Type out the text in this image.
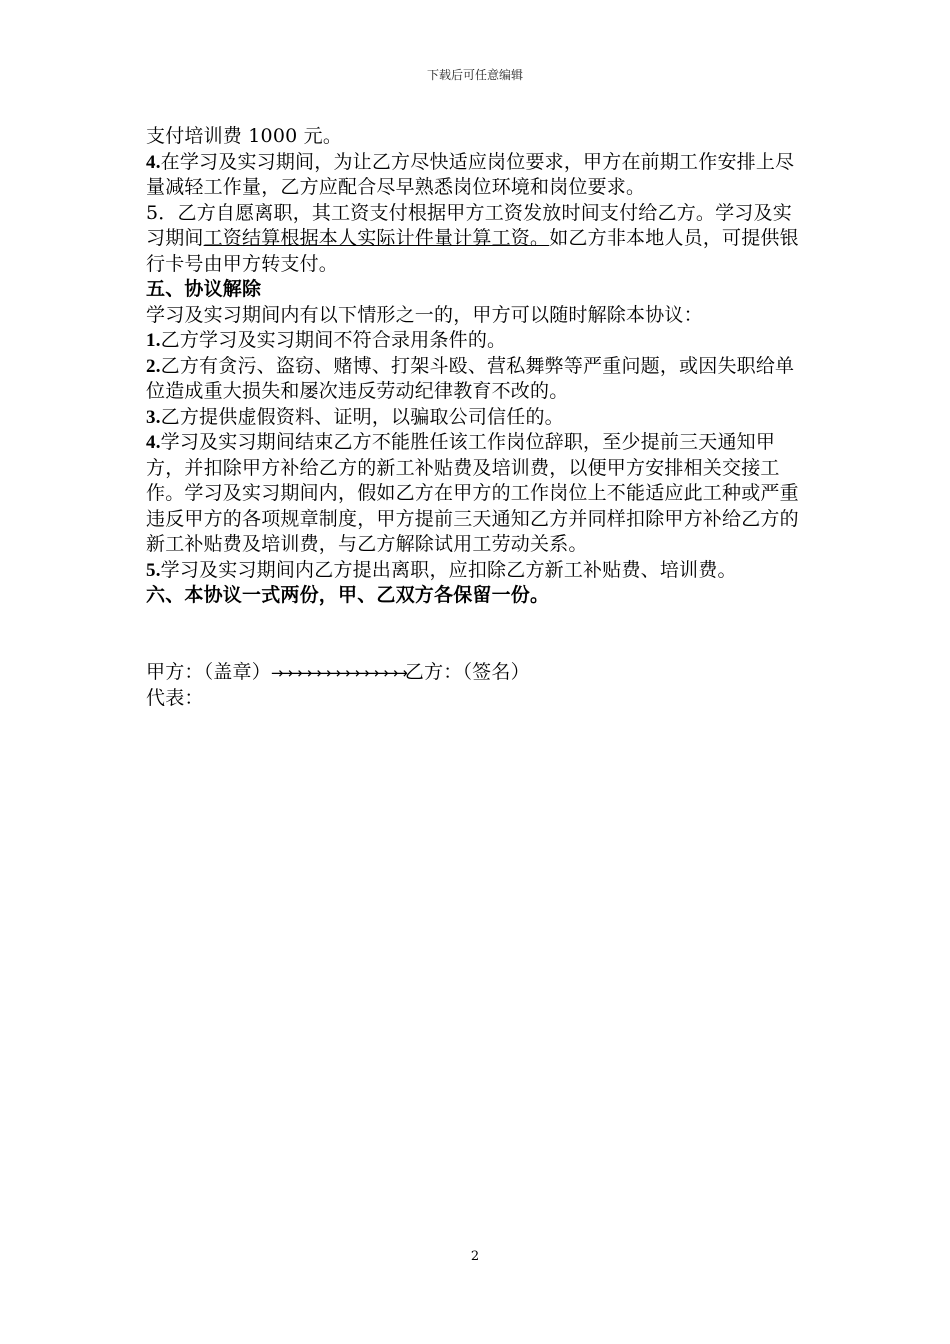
下载后可任意编辑

支付培训费 1000 元。

4.在学习及实习期间，为让乙方尽快适应岗位要求，甲方在前期工作安排上尽量减轻工作量，乙方应配合尽早熟悉岗位环境和岗位要求。

5．乙方自愿离职，其工资支付根据甲方工资发放时间支付给乙方。学习及实习期间工资结算根据本人实际计件量计算工资。如乙方非本地人员，可提供银行卡号由甲方转支付。

五、协议解除

学习及实习期间内有以下情形之一的，甲方可以随时解除本协议：

1.乙方学习及实习期间不符合录用条件的。

2.乙方有贪污、盗窃、赌博、打架斗殴、营私舞弊等严重问题，或因失职给单位造成重大损失和屡次违反劳动纪律教育不改的。

3.乙方提供虚假资料、证明，以骗取公司信任的。

4.学习及实习期间结束乙方不能胜任该工作岗位辞职，至少提前三天通知甲方，并扣除甲方补给乙方的新工补贴费及培训费，以便甲方安排相关交接工作。学习及实习期间内，假如乙方在甲方的工作岗位上不能适应此工种或严重违反甲方的各项规章制度，甲方提前三天通知乙方并同样扣除甲方补给乙方的新工补贴费及培训费，与乙方解除试用工劳动关系。

5.学习及实习期间内乙方提出离职，应扣除乙方新工补贴费、培训费。

六、本协议一式两份，甲、乙双方各保留一份。

甲方：（盖章）→→→→→→→→→→→→→→乙方：（签名）

代表：

2
